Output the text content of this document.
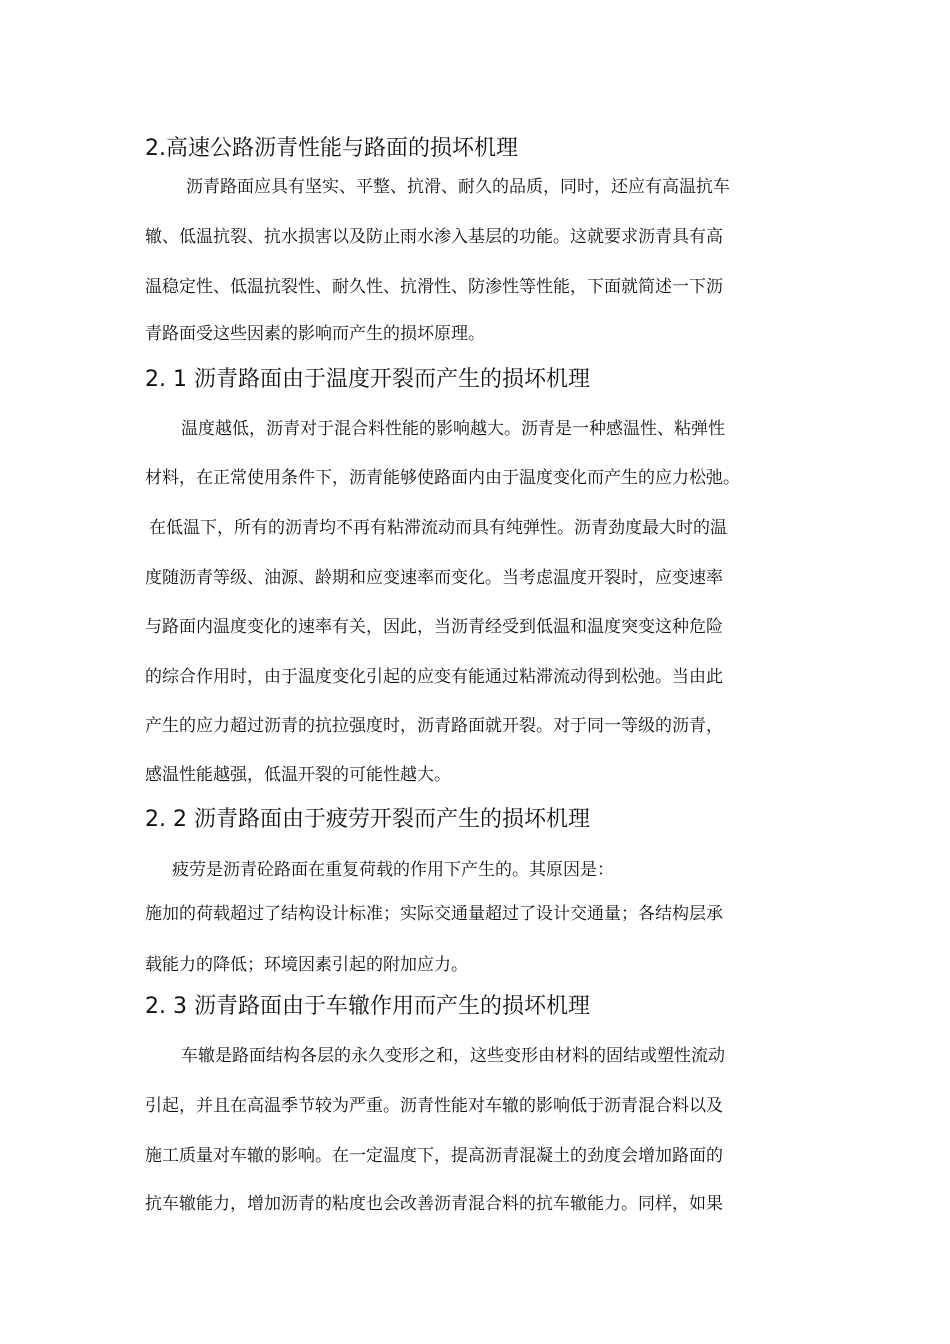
2.高速公路沥青性能与路面的损坏机理
沥青路面应具有坚实、平整、抗滑、耐久的品质，同时，还应有高温抗车
辙、低温抗裂、抗水损害以及防止雨水渗入基层的功能。这就要求沥青具有高
温稳定性、低温抗裂性、耐久性、抗滑性、防渗性等性能，下面就简述一下沥
青路面受这些因素的影响而产生的损坏原理。
2. 1 沥青路面由于温度开裂而产生的损坏机理
温度越低，沥青对于混合料性能的影响越大。沥青是一种感温性、粘弹性
材料，在正常使用条件下，沥青能够使路面内由于温度变化而产生的应力松弛。
在低温下，所有的沥青均不再有粘滞流动而具有纯弹性。沥青劲度最大时的温
度随沥青等级、油源、龄期和应变速率而变化。当考虑温度开裂时，应变速率
与路面内温度变化的速率有关，因此，当沥青经受到低温和温度突变这种危险
的综合作用时，由于温度变化引起的应变有能通过粘滞流动得到松弛。当由此
产生的应力超过沥青的抗拉强度时，沥青路面就开裂。对于同一等级的沥青，
感温性能越强，低温开裂的可能性越大。
2. 2 沥青路面由于疲劳开裂而产生的损坏机理
疲劳是沥青砼路面在重复荷载的作用下产生的。其原因是：
施加的荷载超过了结构设计标准；实际交通量超过了设计交通量；各结构层承
载能力的降低；环境因素引起的附加应力。
2. 3 沥青路面由于车辙作用而产生的损坏机理
车辙是路面结构各层的永久变形之和，这些变形由材料的固结或塑性流动
引起，并且在高温季节较为严重。沥青性能对车辙的影响低于沥青混合料以及
施工质量对车辙的影响。在一定温度下，提高沥青混凝土的劲度会增加路面的
抗车辙能力，增加沥青的粘度也会改善沥青混合料的抗车辙能力。同样，如果
